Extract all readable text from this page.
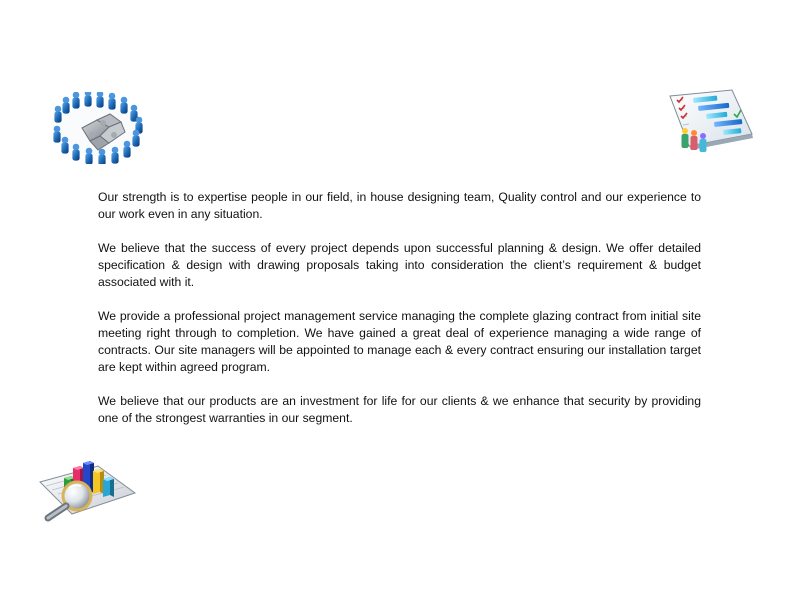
Our strength is to expertise people in our field, in house designing team, Quality control and our experience to our work even in any situation.

We believe that the success of every project depends upon successful planning & design. We offer detailed specification & design with drawing proposals taking into consideration the client’s requirement & budget associated with it.

We provide a professional project management service managing the complete glazing contract from initial site meeting right through to completion. We have gained a great deal of experience managing a wide range of contracts. Our site managers will be appointed to manage each & every contract ensuring our installation target are kept within agreed program.

We believe that our products are an investment for life for our clients & we enhance that security by providing one of the strongest warranties in our segment.
